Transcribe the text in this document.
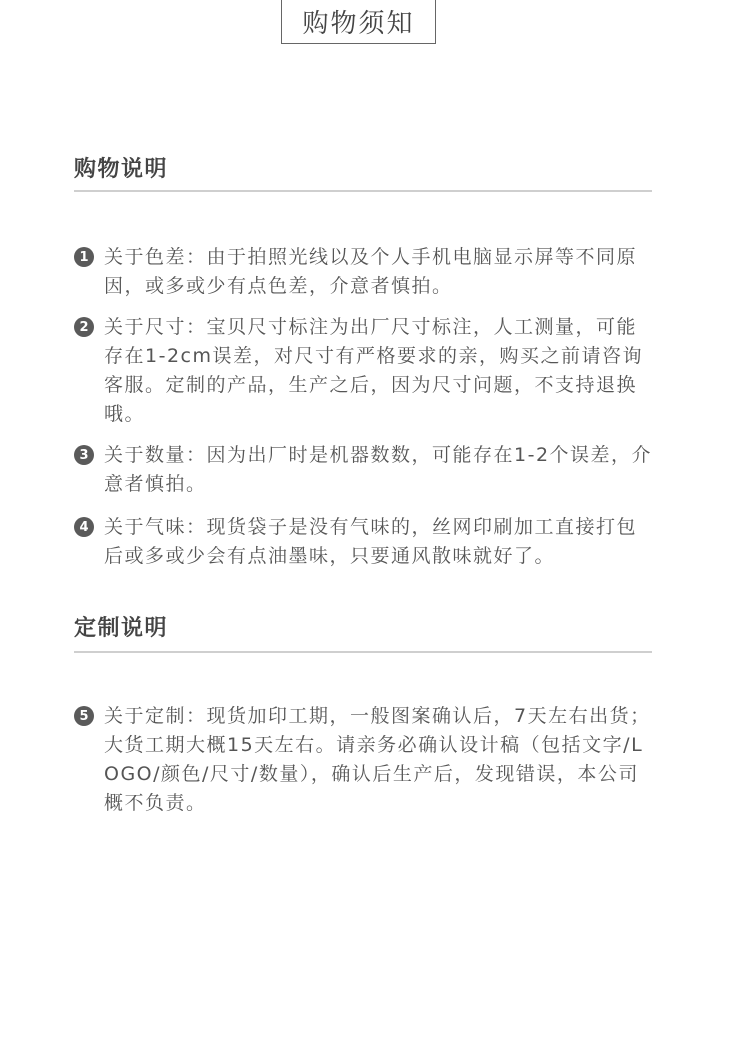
购物须知
购物说明
1 关于色差：由于拍照光线以及个人手机电脑显示屏等不同原因，或多或少有点色差，介意者慎拍。
2 关于尺寸：宝贝尺寸标注为出厂尺寸标注，人工测量，可能存在1-2cm误差，对尺寸有严格要求的亲，购买之前请咨询客服。定制的产品，生产之后，因为尺寸问题，不支持退换哦。
3 关于数量：因为出厂时是机器数数，可能存在1-2个误差，介意者慎拍。
4 关于气味：现货袋子是没有气味的，丝网印刷加工直接打包后或多或少会有点油墨味，只要通风散味就好了。
定制说明
5 关于定制：现货加印工期，一般图案确认后，7天左右出货；大货工期大概15天左右。请亲务必确认设计稿（包括文字/LOGO/颜色/尺寸/数量），确认后生产后，发现错误，本公司概不负责。
